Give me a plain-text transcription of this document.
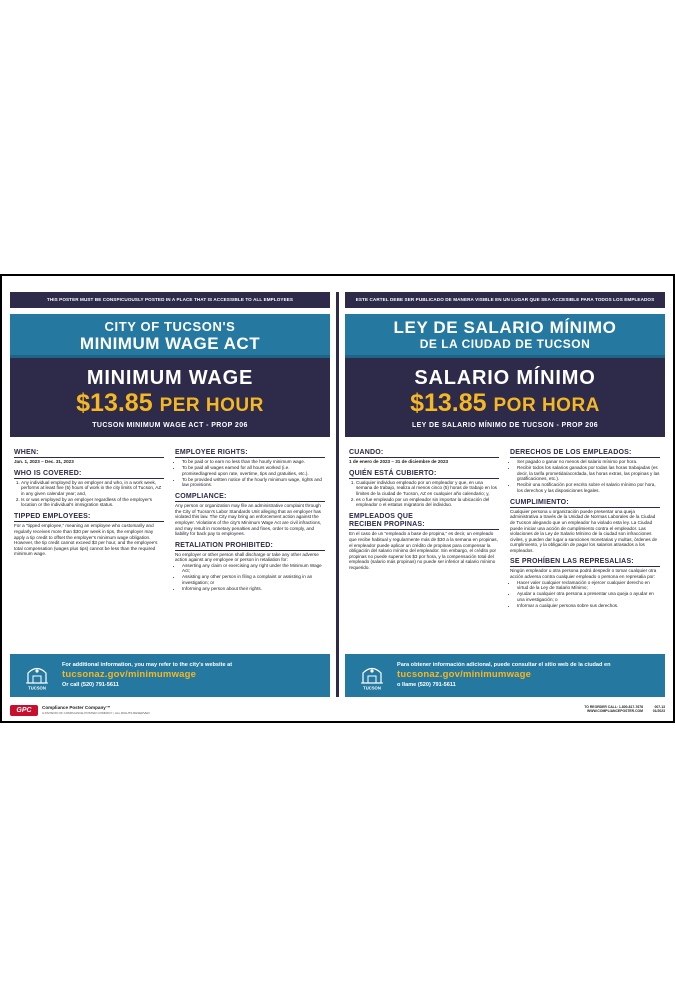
THIS POSTER MUST BE CONSPICUOUSLY POSTED IN A PLACE THAT IS ACCESSIBLE TO ALL EMPLOYEES
CITY OF TUCSON'S
MINIMUM WAGE ACT
MINIMUM WAGE
$13.85 PER HOUR
TUCSON MINIMUM WAGE ACT - PROP 206
WHEN:
Jan. 1, 2023 – Dec. 31, 2023
WHO IS COVERED:
1. Any individual employed by an employer and who, in a work week, performs at least five (5) hours of work in the city limits of Tucson, AZ in any given calendar year; and,
2. Is or was employed by an employer regardless of the employer's location or the individual's immigration status.
TIPPED EMPLOYEES:
For a “tipped employee,” meaning an employee who customarily and regularly receives more than $30 per week in tips, the employer may apply a tip credit to offset the employer's minimum wage obligation. However, the tip credit cannot exceed $3 per hour, and the employee's total compensation (wages plus tips) cannot be less than the required minimum wage.
EMPLOYEE RIGHTS:
• To be paid or to earn no less than the hourly minimum wage.
• To be paid all wages earned for all hours worked (i.e. promised/agreed upon rate, overtime, tips and gratuities, etc.).
• To be provided written notice of the hourly minimum wage, rights and law provisions.
COMPLIANCE:
Any person or organization may file an administrative complaint through the City of Tucson's Labor Standards Unit alleging that an employer has violated this law. The City may bring an enforcement action against the employer. Violations of the city's Minimum Wage Act are civil infractions, and may result in monetary penalties and fines, order to comply, and liability for back pay to employees.
RETALIATION PROHIBITED:
No employer or other person shall discharge or take any other adverse action against any employee or person in retaliation for:
• Asserting any claim or exercising any right under the Minimum Wage Act;
• Assisting any other person in filing a complaint or assisting in an investigation; or
• Informing any person about their rights.
TUCSON
For additional information, you may refer to the city's website at
tucsonaz.gov/minimumwage
Or call (520) 791-5611
ESTE CARTEL DEBE SER PUBLICADO DE MANERA VISIBLE EN UN LUGAR QUE SEA ACCESIBLE PARA TODOS LOS EMPLEADOS
LEY DE SALARIO MÍNIMO
DE LA CIUDAD DE TUCSON
SALARIO MÍNIMO
$13.85 POR HORA
LEY DE SALARIO MÍNIMO DE TUCSON - PROP 206
CUANDO:
1 de enero de 2023 – 31 de diciembre de 2023
QUIÉN ESTÁ CUBIERTO:
1. Cualquier individuo empleado por un empleador y que, en una semana de trabajo, realiza al menos cinco (5) horas de trabajo en los límites de la ciudad de Tucson, AZ en cualquier año calendario; y,
2. es o fue empleado por un empleador sin importar la ubicación del empleador o el estatus migratorio del individuo.
EMPLEADOS QUE
RECIBEN PROPINAS:
En el caso de un “empleado a base de propina,” es decir, un empleado que recibe habitual y regularmente más de $30 a la semana en propinas, el empleador puede aplicar un crédito de propinas para compensar la obligación del salario mínimo del empleador. Sin embargo, el crédito por propinas no puede superar los $3 por hora, y la compensación total del empleado (salario más propinas) no puede ser inferior al salario mínimo requerido.
DERECHOS DE LOS EMPLEADOS:
• Ser pagado o ganar no menos del salario mínimo por hora.
• Recibir todos los salarios ganados por todas las horas trabajadas (es decir, la tarifa prometida/acordada, las horas extras, las propinas y las gratificaciones, etc.).
• Recibir una notificación por escrito sobre el salario mínimo por hora, los derechos y las disposiciones legales.
CUMPLIMIENTO:
Cualquier persona u organización puede presentar una queja administrativa a través de la Unidad de Normas Laborales de la Ciudad de Tucson alegando que un empleador ha violado esta ley. La Ciudad puede iniciar una acción de cumplimiento contra el empleador. Las violaciones de la Ley de Salario Mínimo de la ciudad son infracciones civiles, y pueden dar lugar a sanciones monetarias y multas, órdenes de cumplimiento, y la obligación de pagar los salarios atrasados a los empleados.
SE PROHÍBEN LAS REPRESALIAS:
Ningún empleador u otra persona podrá despedir o tomar cualquier otra acción adversa contra cualquier empleado o persona en represalia por:
• Hacer valer cualquier reclamación o ejercer cualquier derecho en virtud de la Ley de Salario Mínimo;
• Ayudar a cualquier otra persona a presentar una queja o ayudar en una investigación; o
• Informar a cualquier persona sobre sus derechos.
TUCSON
Para obtener información adicional, puede consultar el sitio web de la ciudad en
tucsonaz.gov/minimumwage
o llame (520) 791-5611
GPC	Compliance Poster Company™
A DIVISION OF COMPLIANCE POSTER COMPANY • ALL RIGHTS RESERVED
TO REORDER CALL: 1-800-817-7678
WWW.COMPLIANCEPOSTER.COM
007-13
01/2023
